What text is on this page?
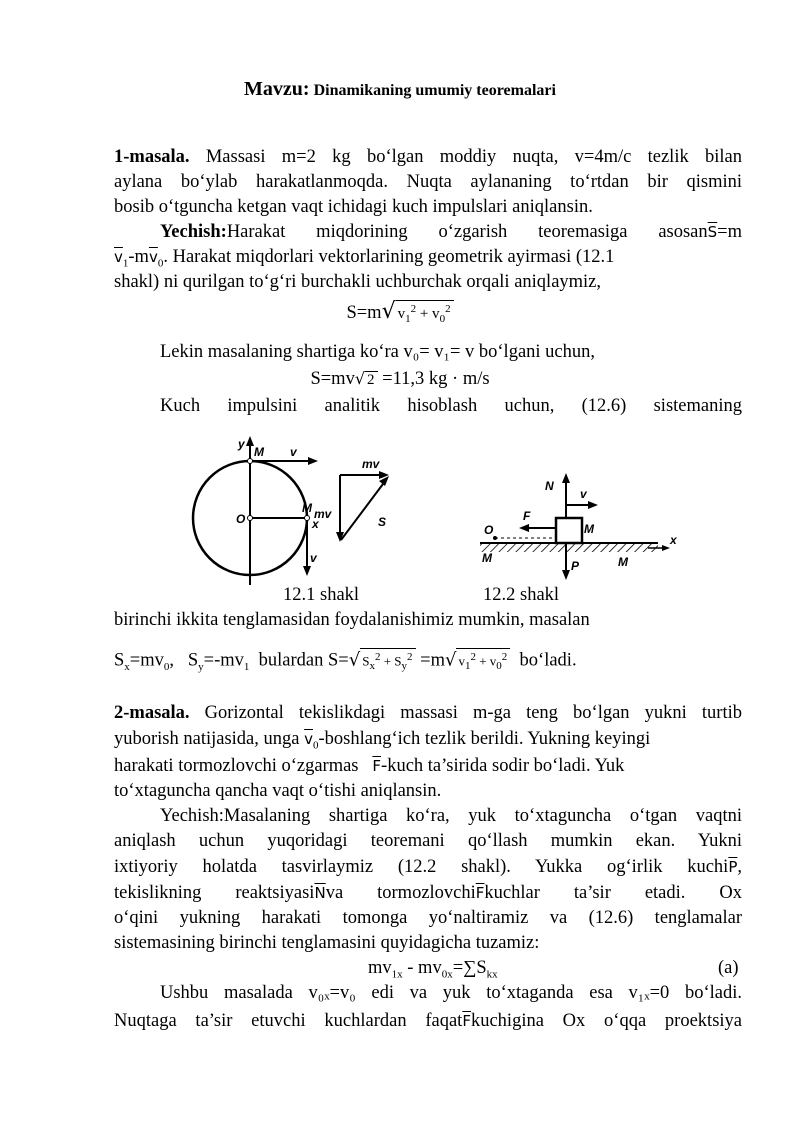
Mavzu: Dinamikaning umumiy teoremalari
1-masala. Massasi m=2 kg bo‘lgan moddiy nuqta, v=4m/c tezlik bilan
aylana bo‘ylab harakatlanmoqda. Nuqta aylananing to‘rtdan bir qismini
bosib o‘tguncha ketgan vaqt ichidagi kuch impulslari aniqlansin.
Yechish:Harakat miqdorining o‘zgarish teoremasiga $asosan\overline{S}=m$
$\overline{v}_1-m\overline{v}_0$. Harakat miqdorlari vektorlarining geometrik ayirmasi (12.1
shakl) ni qurilgan to‘g‘ri burchakli uchburchak orqali aniqlaymiz,
S=m√ $v_1^2 + v_0^2$
Lekin masalaning shartiga ko‘ra v₀= v₁= v bo‘lgani uchun,
S=mv√ 2 =11,3 kg · m/s
Kuch impulsini analitik hisoblash uchun, (12.6) sistemaning
y
M v
O
M
x
v
mv
mv
S
N
v
F
O	M
M	M
P
x
12.1 shakl	12.2 shakl
birinchi ikkita tenglamasidan foydalanishimiz mumkin, masalan
$S_x=mv_0$,   $S_y=-mv_1$  bulardan S=√ $S_x^2 + S_y^2 =m√$ $v_1^2 + v_0^2$ bo‘ladi.
2-masala. Gorizontal tekislikdagi massasi m-ga teng bo‘lgan yukni turtib
yuborish natijasida, unga $\overline{v}_0-boshlang‘ich$ tezlik berildi. Yukning keyingi
harakati tormozlovchi o‘zgarmas $\overline{F}$-kuch ta’sirida sodir bo‘ladi. Yuk
to‘xtaguncha qancha vaqt o‘tishi aniqlansin.
Yechish:Masalaning shartiga ko‘ra, yuk to‘xtaguncha o‘tgan vaqtni
aniqlash uchun yuqoridagi teoremani qo‘llash mumkin ekan. Yukni
ixtiyoriy holatda tasvirlaymiz (12.2 shakl). Yukka og‘irlik $kuchi\overline{P}$,
tekislikning $reaktsiyasi\overline{N}va$ $tormozlovchi\overline{F}kuchlar$ ta’sir etadi. Ox
o‘qini yukning harakati tomonga yo‘naltiramiz va (12.6) tenglamalar
sistemasining birinchi tenglamasini quyidagicha tuzamiz:
$mv_{1x} - mv_{0x}=\sum S_{kx}$	(a)
Ushbu masalada v₀ₓ=v₀ edi va yuk to‘xtaganda esa v₁ₓ=0 bo‘ladi.
Nuqtaga ta’sir etuvchi kuchlardan $faqat\overline{F}kuchigina$ Ox o‘qqa proektsiya
